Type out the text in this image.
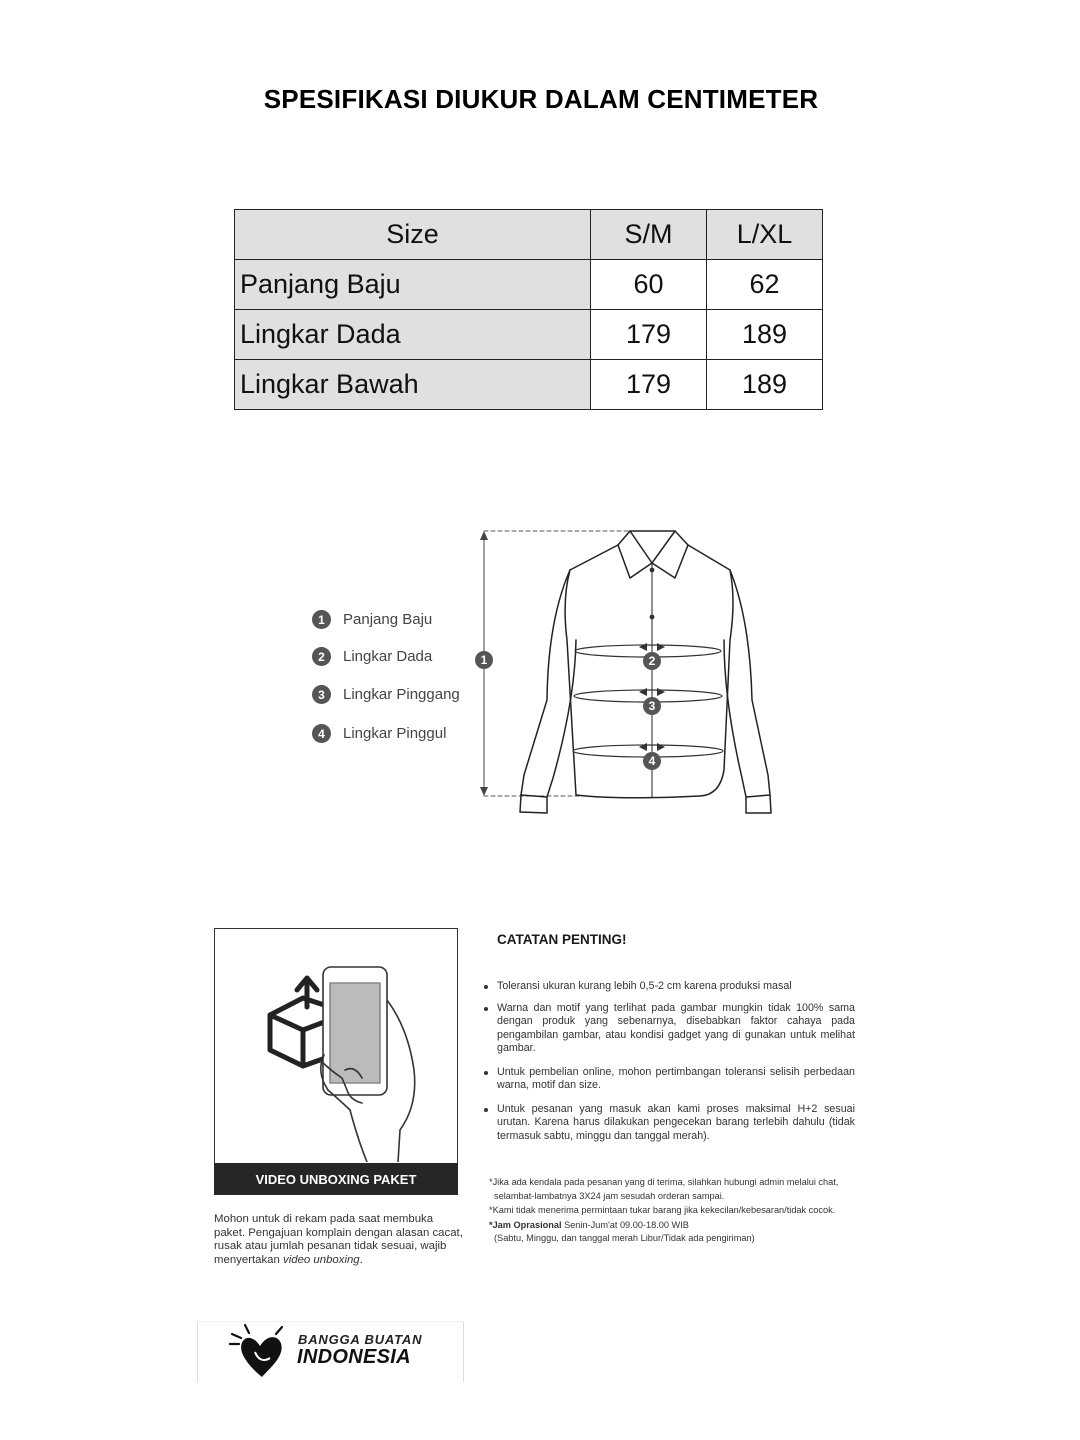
SPESIFIKASI DIUKUR DALAM CENTIMETER
Size	S/M	L/XL
Panjang Baju	60	62
Lingkar Dada	179	189
Lingkar Bawah	179	189
1	Panjang Baju
2	Lingkar Dada
3	Lingkar Pinggang
4	Lingkar Pinggul
1	2
3
4
VIDEO UNBOXING PAKET
Mohon untuk di rekam pada saat membuka paket. Pengajuan komplain dengan alasan cacat, rusak atau jumlah pesanan tidak sesuai, wajib menyertakan video unboxing.
CATATAN PENTING!
Toleransi ukuran kurang lebih 0,5-2 cm karena produksi masal
Warna dan motif yang terlihat pada gambar mungkin tidak 100% sama dengan produk yang sebenarnya, disebabkan faktor cahaya pada pengambilan gambar, atau kondisi gadget yang di gunakan untuk melihat gambar.
Untuk pembelian online, mohon pertimbangan toleransi selisih perbedaan warna, motif dan size.
Untuk pesanan yang masuk akan kami proses maksimal H+2 sesuai urutan. Karena harus dilakukan pengecekan barang terlebih dahulu (tidak termasuk sabtu, minggu dan tanggal merah).
*Jika ada kendala pada pesanan yang di terima, silahkan hubungi admin melalui chat,
selambat-lambatnya 3X24 jam sesudah orderan sampai.
*Kami tidak menerima permintaan tukar barang jika kekecilan/kebesaran/tidak cocok.
*Jam Oprasional Senin-Jum'at 09.00-18.00 WIB
(Sabtu, Minggu, dan tanggal merah Libur/Tidak ada pengiriman)
BANGGA BUATAN
INDONESIA
